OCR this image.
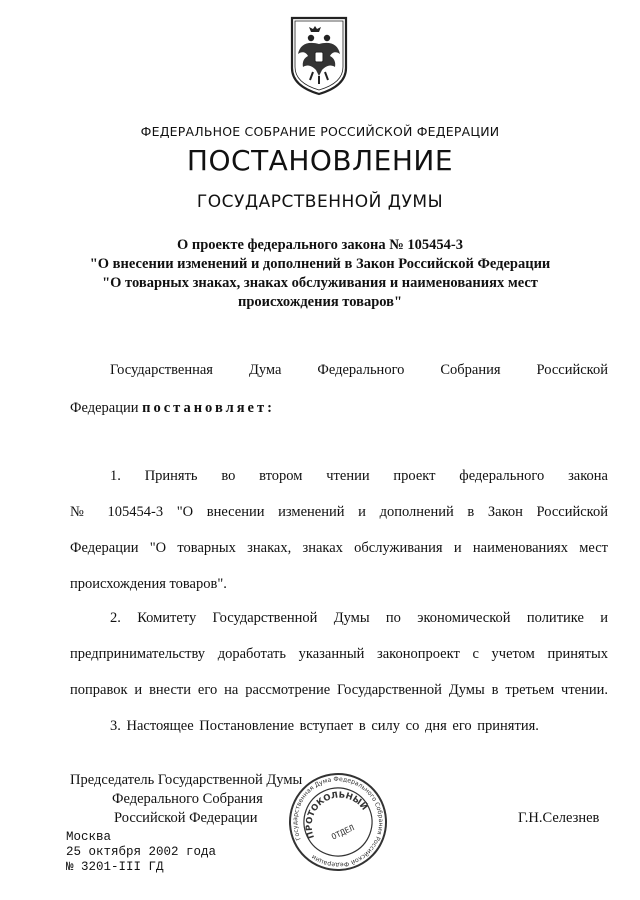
ФЕДЕРАЛЬНОЕ СОБРАНИЕ РОССИЙСКОЙ ФЕДЕРАЦИИ
ПОСТАНОВЛЕНИЕ
ГОСУДАРСТВЕННОЙ ДУМЫ
О проекте федерального закона № 105454-3
"О внесении изменений и дополнений в Закон Российской Федерации
"О товарных знаках, знаках обслуживания и наименованиях мест
происхождения товаров"
Государственная Дума Федерального Собрания Российской
Федерации постановляет:
1. Принять во втором чтении проект федерального закона
№ 105454-3 "О внесении изменений и дополнений в Закон Российской
Федерации "О товарных знаках, знаках обслуживания и наименованиях мест
происхождения товаров".
2. Комитету Государственной Думы по экономической политике и
предпринимательству доработать указанный законопроект с учетом принятых
поправок и внести его на рассмотрение Государственной Думы в третьем чтении.
3. Настоящее Постановление вступает в силу со дня его принятия.
Председатель Государственной Думы
Федерального Собрания
Российской Федерации	Г.Н.Селезнев
Государственная Дума Федерального Собрания Российской Федерации
ПРОТОКОЛЬНЫЙ
ОТДЕЛ
Москва
25 октября 2002 года
№ 3201-III ГД
